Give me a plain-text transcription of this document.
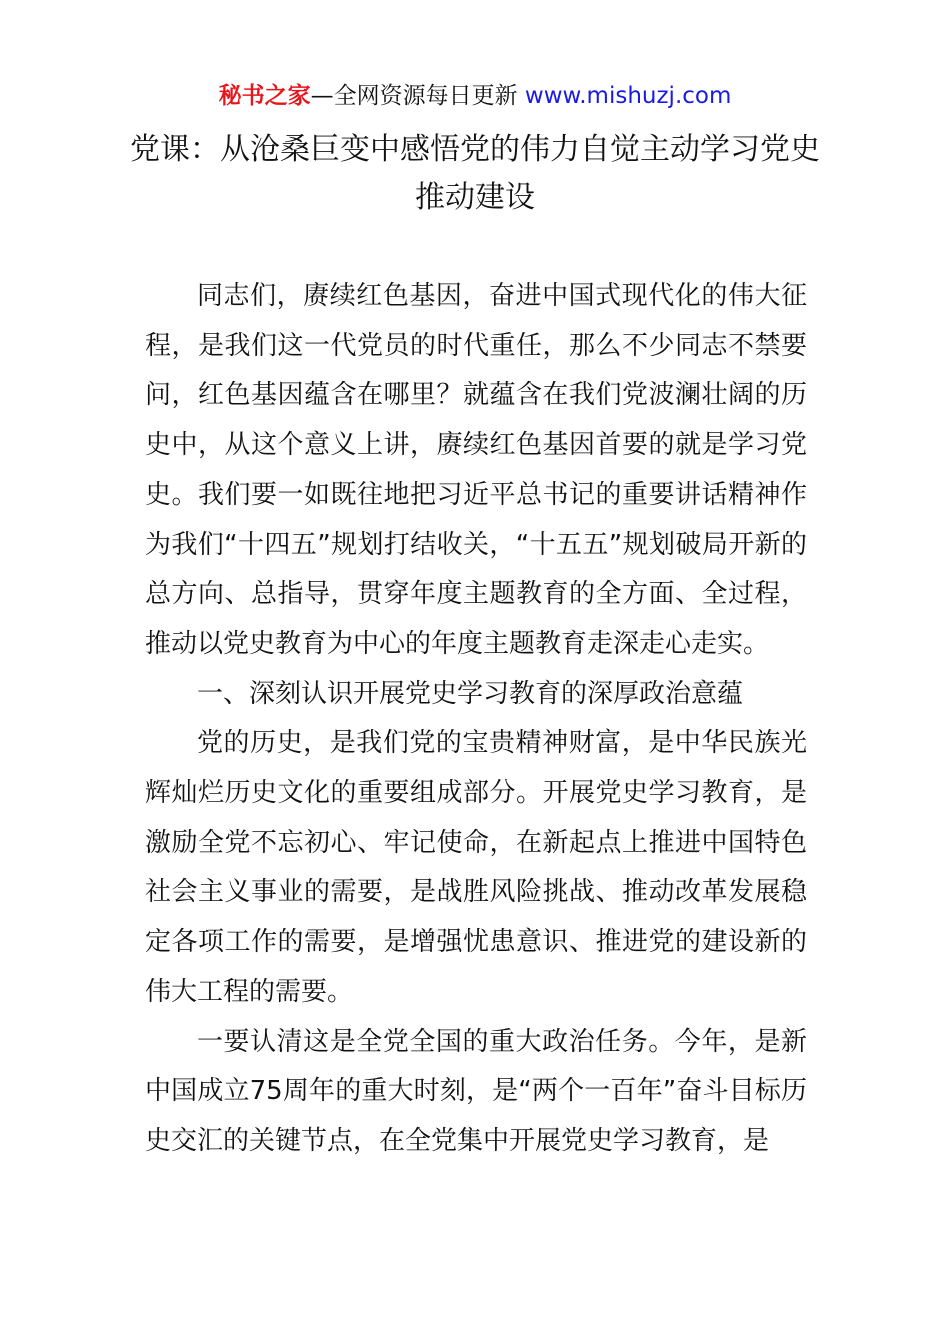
秘书之家—全网资源每日更新 www.mishuzj.com
党课：从沧桑巨变中感悟党的伟力自觉主动学习党史推动建设

同志们，赓续红色基因，奋进中国式现代化的伟大征程，是我们这一代党员的时代重任，那么不少同志不禁要问，红色基因蕴含在哪里？就蕴含在我们党波澜壮阔的历史中，从这个意义上讲，赓续红色基因首要的就是学习党史。我们要一如既往地把习近平总书记的重要讲话精神作为我们“十四五”规划打结收关，“十五五”规划破局开新的总方向、总指导，贯穿年度主题教育的全方面、全过程，推动以党史教育为中心的年度主题教育走深走心走实。

一、深刻认识开展党史学习教育的深厚政治意蕴

党的历史，是我们党的宝贵精神财富，是中华民族光辉灿烂历史文化的重要组成部分。开展党史学习教育，是激励全党不忘初心、牢记使命，在新起点上推进中国特色社会主义事业的需要，是战胜风险挑战、推动改革发展稳定各项工作的需要，是增强忧患意识、推进党的建设新的伟大工程的需要。

一要认清这是全党全国的重大政治任务。今年，是新中国成立75周年的重大时刻，是“两个一百年”奋斗目标历史交汇的关键节点，在全党集中开展党史学习教育，是
